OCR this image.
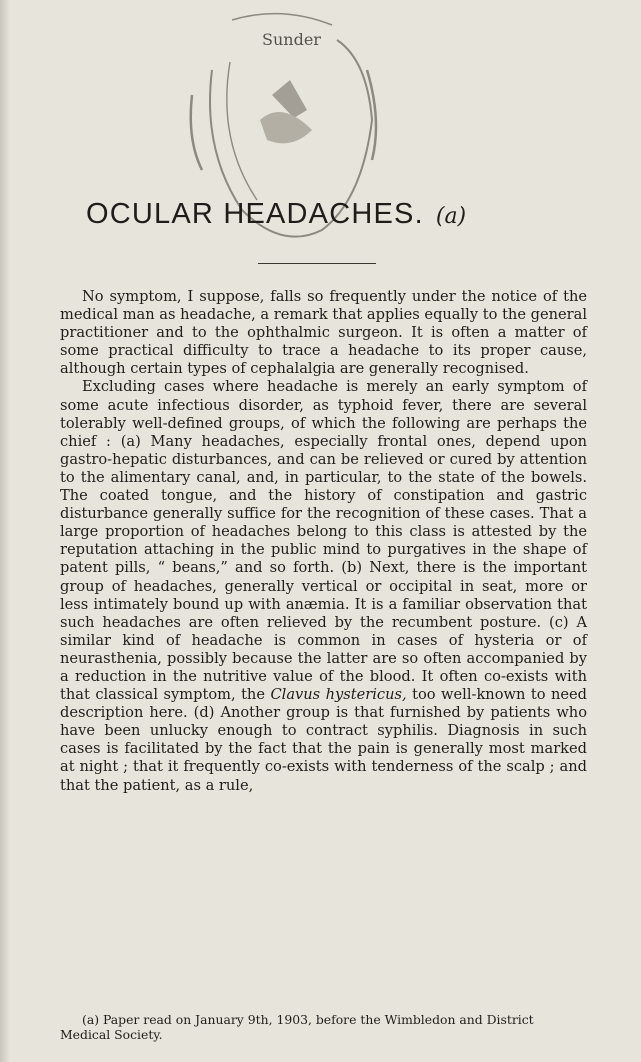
Sunder
OCULAR HEADACHES. (a)

No symptom, I suppose, falls so frequently under the notice of the medical man as headache, a remark that applies equally to the general practitioner and to the ophthalmic surgeon. It is often a matter of some practical difficulty to trace a headache to its proper cause, although certain types of cephalalgia are generally recognised.

Excluding cases where headache is merely an early symptom of some acute infectious disorder, as typhoid fever, there are several tolerably well-defined groups, of which the following are perhaps the chief : (a) Many headaches, especially frontal ones, depend upon gastro-hepatic disturbances, and can be relieved or cured by attention to the alimentary canal, and, in particular, to the state of the bowels. The coated tongue, and the history of constipation and gastric disturbance generally suffice for the recognition of these cases. That a large proportion of headaches belong to this class is attested by the reputation attaching in the public mind to purgatives in the shape of patent pills, “ beans,” and so forth. (b) Next, there is the important group of headaches, generally vertical or occipital in seat, more or less intimately bound up with anæmia. It is a familiar observation that such headaches are often relieved by the recumbent posture. (c) A similar kind of headache is common in cases of hysteria or of neurasthenia, possibly because the latter are so often accompanied by a reduction in the nutritive value of the blood. It often co-exists with that classical symptom, the Clavus hystericus, too well-known to need description here. (d) Another group is that furnished by patients who have been unlucky enough to contract syphilis. Diagnosis in such cases is facilitated by the fact that the pain is generally most marked at night ; that it frequently co-exists with tenderness of the scalp ; and that the patient, as a rule,

(a) Paper read on January 9th, 1903, before the Wimbledon and District Medical Society.
